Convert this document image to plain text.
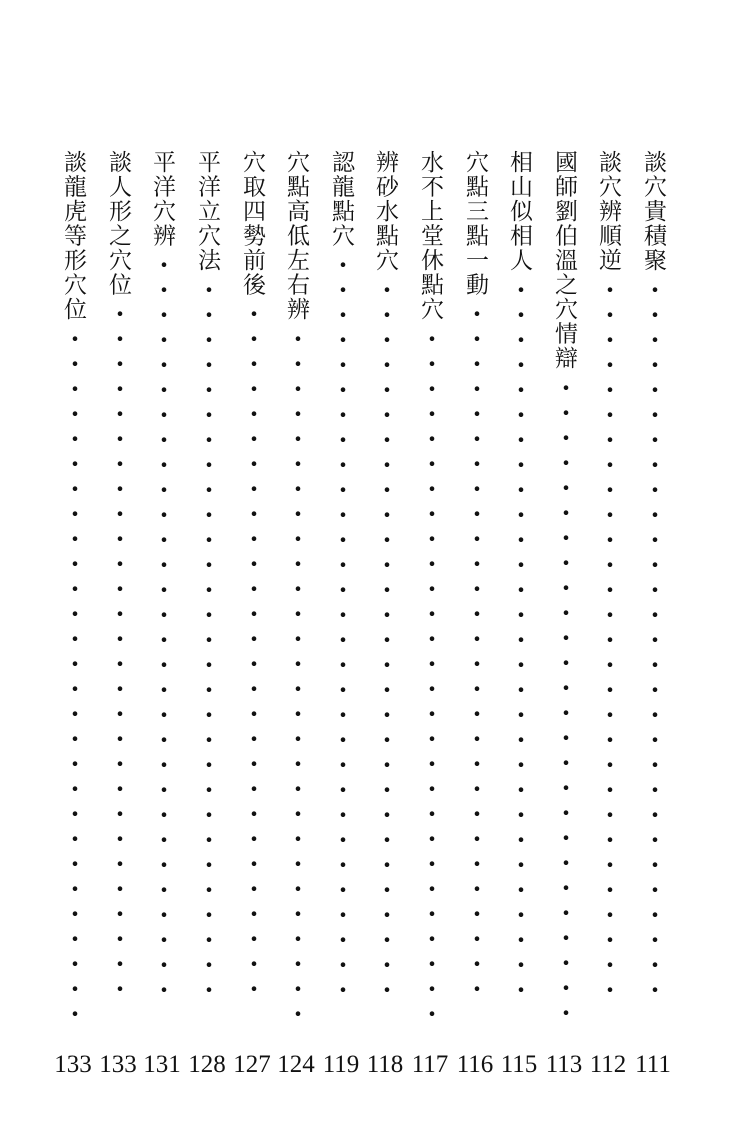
談穴貴積聚
・・・・・・・・・・・・・・・・・・・・・・・・・・・・・
111
談穴辨順逆
・・・・・・・・・・・・・・・・・・・・・・・・・・・・・
112
國師劉伯溫之穴情辯
・・・・・・・・・・・・・・・・・・・・・・・・・・
113
相山似相人
・・・・・・・・・・・・・・・・・・・・・・・・・・・・・
115
穴點三點一動
・・・・・・・・・・・・・・・・・・・・・・・・・・・・
116
水不上堂休點穴
・・・・・・・・・・・・・・・・・・・・・・・・・・・・
117
辨砂水點穴
・・・・・・・・・・・・・・・・・・・・・・・・・・・・・
118
認龍點穴
・・・・・・・・・・・・・・・・・・・・・・・・・・・・・・
119
穴點高低左右辨
・・・・・・・・・・・・・・・・・・・・・・・・・・・・
124
穴取四勢前後
・・・・・・・・・・・・・・・・・・・・・・・・・・・・
127
平洋立穴法
・・・・・・・・・・・・・・・・・・・・・・・・・・・・・
128
平洋穴辨
・・・・・・・・・・・・・・・・・・・・・・・・・・・・・・
131
談人形之穴位
・・・・・・・・・・・・・・・・・・・・・・・・・・・・
133
談龍虎等形穴位
・・・・・・・・・・・・・・・・・・・・・・・・・・・・
133
